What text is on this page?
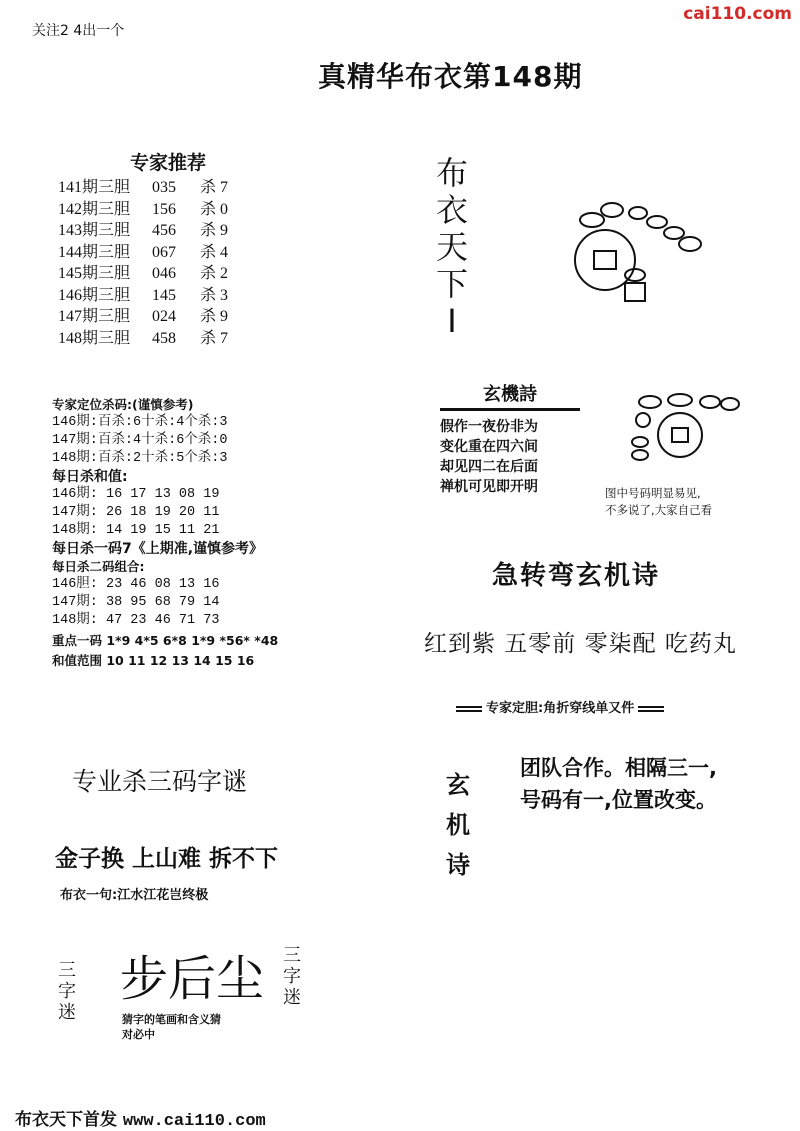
关注2 4出一个
cai110.com
真精华布衣第148期
专家推荐
141期三胆 035 杀 7
142期三胆 156 杀 0
143期三胆 456 杀 9
144期三胆 067 杀 4
145期三胆 046 杀 2
146期三胆 145 杀 3
147期三胆 024 杀 9
148期三胆 458 杀 7
专家定位杀码:(谨慎参考)
146期:百杀:6十杀:4个杀:3
147期:百杀:4十杀:6个杀:0
148期:百杀:2十杀:5个杀:3
每日杀和值:
146期: 16 17 13 08 19
147期: 26 18 19 20 11
148期: 14 19 15 11 21
每日杀一码7《上期准,谨慎参考》
每日杀二码组合:
146胆: 23 46 08 13 16
147期: 38 95 68 79 14
148期: 47 23 46 71 73
重点一码 1*9 4*5 6*8 1*9 *56* *48
和值范围 10 11 12 13 14 15 16
布
衣
天
下
I
玄機詩
假作一夜份非为
变化重在四六间
却见四二在后面
禅机可见即开明	图中号码明显易见,
不多说了,大家自己看
急转弯玄机诗
红到紫 五零前 零柒配 吃药丸
专家定胆:角折穿线单又件
玄
机
诗
团队合作。相隔三一,
号码有一,位置改变。
专业杀三码字谜
金子换 上山难 拆不下
布衣一句:江水江花岂终极
三
字
迷
步后尘 三
字
迷
猜字的笔画和含义猜
对必中
布衣天下首发 www.cai110.com
